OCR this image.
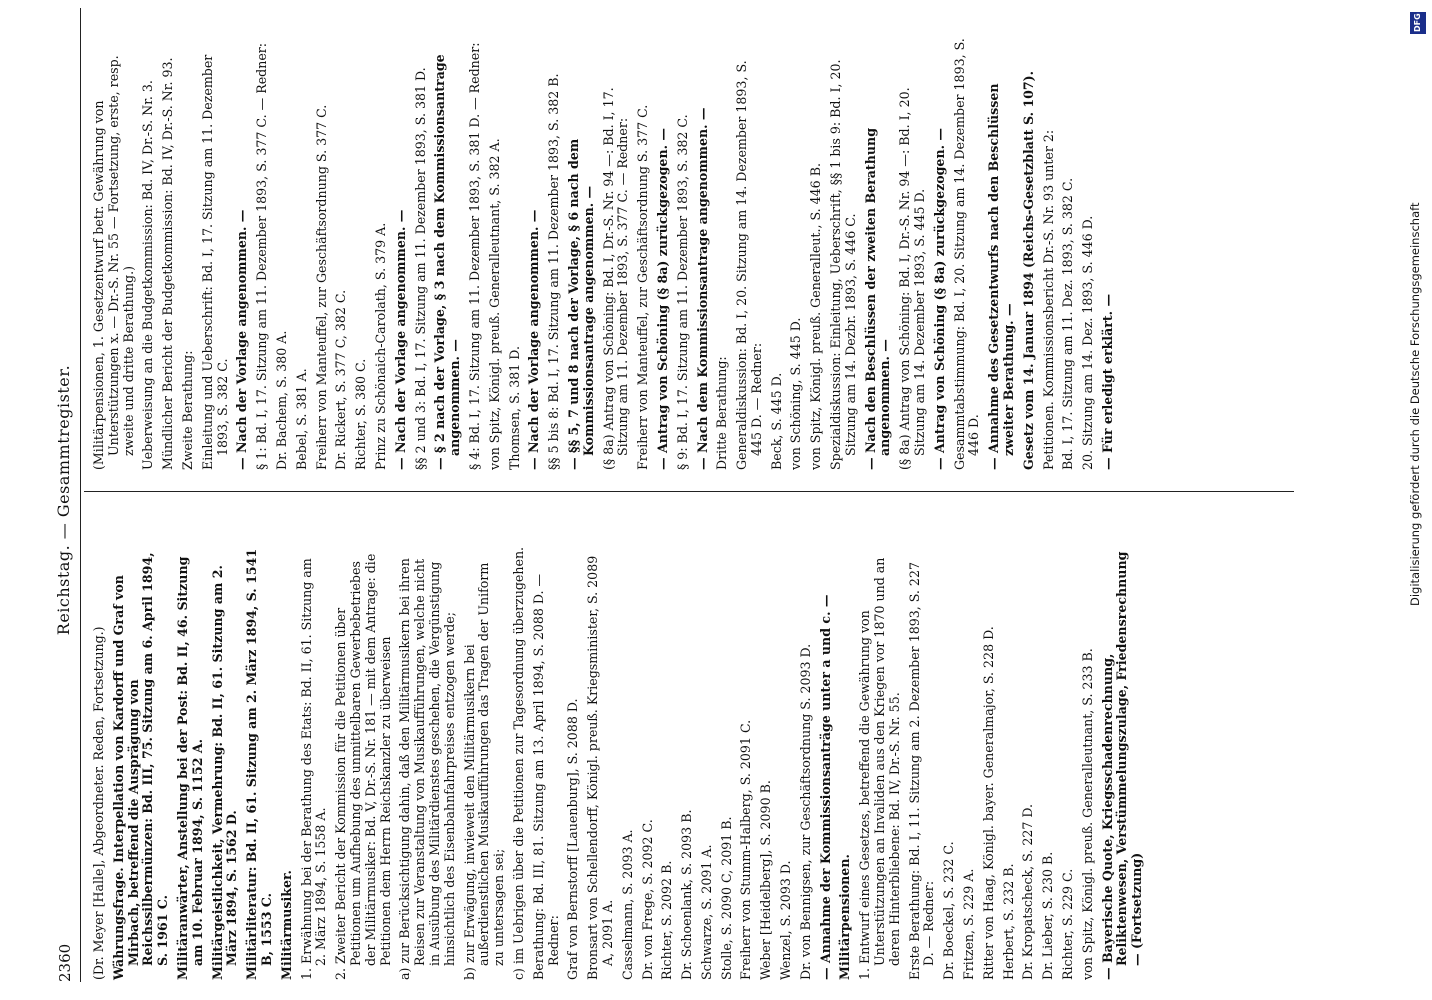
2360
Reichstag. — Gesammtregister.
(Dr. Meyer [Halle], Abgeordneter. Reden, Fortsetzung.) Währungsfrage. Interpellation von Kardorff und Graf von Mirbach, betreffend die Ausprägung von Reichssilbermünzen: Bd. III, 75. Sitzung am 6. April 1894, S. 1961 C. Militäranwärter, Anstellung bei der Post: Bd. II, 46. Sitzung am 10. Februar 1894, S. 1152 A. Militärgeistlichkeit, Vermehrung: Bd. II, 61. Sitzung am 2. März 1894, S. 1562 D. Militärliteratur: Bd. II, 61. Sitzung am 2. März 1894, S. 1541 B, 1553 C. Militärmusiker. 1. Erwähnung bei der Berathung des Etats: Bd. II, 61. Sitzung am 2. März 1894, S. 1558 A. 2. Zweiter Bericht der Kommission für die Petitionen über Petitionen um Aufhebung des unmittelbaren Gewerbebetriebes der Militärmusiker: Bd. V, Dr.-S. Nr. 181 — mit dem Antrage: die Petitionen dem Herrn Reichskanzler zu überweisen a) zur Berücksichtigung dahin, daß den Militärmusikern bei ihren Reisen zur Veranstaltung von Musikaufführungen, welche nicht in Ausübung des Militärdienstes geschehen, die Vergünstigung hinsichtlich des Eisenbahnfahrpreises entzogen werde; b) zur Erwägung, inwieweit den Militärmusikern bei außerdienstlichen Musikaufführungen das Tragen der Uniform zu untersagen sei; c) im Uebrigen über die Petitionen zur Tagesordnung überzugehen. Berathung: Bd. III, 81. Sitzung am 13. April 1894, S. 2088 D. — Redner: Graf von Bernstorff [Lauenburg], S. 2088 D. Bronsart von Schellendorff, Königl. preuß. Kriegsminister, S. 2089 A, 2091 A. Casselmann, S. 2093 A. Dr. von Frege, S. 2092 C. Richter, S. 2092 B. Dr. Schoenlank, S. 2093 B. Schwarze, S. 2091 A. Stolle, S. 2090 C, 2091 B. Freiherr von Stumm-Halberg, S. 2091 C. Weber [Heidelberg], S. 2090 B. Wenzel, S. 2093 D. Dr. von Bennigsen, zur Geschäftsordnung S. 2093 D. — Annahme der Kommissionsanträge unter a und c. — Militärpensionen. 1. Entwurf eines Gesetzes, betreffend die Gewährung von Unterstützungen an Invaliden aus den Kriegen vor 1870 und an deren Hinterbliebene: Bd. IV, Dr.-S. Nr. 55. Erste Berathung: Bd. I, 11. Sitzung am 2. Dezember 1893, S. 227 D. — Redner: Dr. Boeckel, S. 232 C. Fritzen, S. 229 A. Ritter von Haag, Königl. bayer. Generalmajor, S. 228 D. Herbert, S. 232 B. Dr. Kropatscheck, S. 227 D. Dr. Lieber, S. 230 B. Richter, S. 229 C. von Spitz, Königl. preuß. Generalleutnant, S. 233 B. — Bayerische Quote, Kriegsschadenrechnung, Reliktenwesen, Verstümmelungszulage, Friedensrechnung — (Fortsetzung)
(Militärpensionen, 1. Gesetzentwurf betr. Gewährung von Unterstützungen x. — Dr.-S. Nr. 55 — Fortsetzung, erste, resp. zweite und dritte Berathung.) Ueberweisung an die Budgetkommission: Bd. IV, Dr.-S. Nr. 3. Mündlicher Bericht der Budgetkommission: Bd. IV, Dr.-S. Nr. 93. Zweite Berathung: Einleitung und Ueberschrift: Bd. I, 17. Sitzung am 11. Dezember 1893, S. 382 C. — Nach der Vorlage angenommen. — § 1: Bd. I, 17. Sitzung am 11. Dezember 1893, S. 377 C. — Redner: Dr. Bachem, S. 380 A. Bebel, S. 381 A. Freiherr von Manteuffel, zur Geschäftsordnung S. 377 C. Dr. Rickert, S. 377 C, 382 C. Richter, S. 380 C. Prinz zu Schönaich-Carolath, S. 379 A. — Nach der Vorlage angenommen. — §§ 2 und 3: Bd. I, 17. Sitzung am 11. Dezember 1893, S. 381 D. — § 2 nach der Vorlage, § 3 nach dem Kommissionsantrage angenommen. — § 4: Bd. I, 17. Sitzung am 11. Dezember 1893, S. 381 D. — Redner: von Spitz, Königl. preuß. Generalleutnant, S. 382 A. Thomsen, S. 381 D. — Nach der Vorlage angenommen. — §§ 5 bis 8: Bd. I, 17. Sitzung am 11. Dezember 1893, S. 382 B. — §§ 5, 7 und 8 nach der Vorlage, § 6 nach dem Kommissionsantrage angenommen. — (§ 8a) Antrag von Schöning: Bd. I, Dr.-S. Nr. 94 —: Bd. I, 17. Sitzung am 11. Dezember 1893, S. 377 C. — Redner: Freiherr von Manteuffel, zur Geschäftsordnung S. 377 C. — Antrag von Schöning (§ 8a) zurückgezogen. — § 9: Bd. I, 17. Sitzung am 11. Dezember 1893, S. 382 C. — Nach dem Kommissionsantrage angenommen. — Dritte Berathung: Generaldiskussion: Bd. I, 20. Sitzung am 14. Dezember 1893, S. 445 D. — Redner: Beck, S. 445 D. von Schöning, S. 445 D. von Spitz, Königl. preuß. Generalleut., S. 446 B. Spezialdiskussion: Einleitung, Ueberschrift, §§ 1 bis 9: Bd. I, 20. Sitzung am 14. Dezbr. 1893, S. 446 C. — Nach den Beschlüssen der zweiten Berathung angenommen. — (§ 8a) Antrag von Schöning: Bd. I, Dr.-S. Nr. 94 —: Bd. I, 20. Sitzung am 14. Dezember 1893, S. 445 D. — Antrag von Schöning (§ 8a) zurückgezogen. — Gesammtabstimmung: Bd. I, 20. Sitzung am 14. Dezember 1893, S. 446 D. — Annahme des Gesetzentwurfs nach den Beschlüssen zweiter Berathung. — Gesetz vom 14. Januar 1894 (Reichs-Gesetzblatt S. 107). Petitionen. Kommissionsbericht Dr.-S. Nr. 93 unter 2: Bd. I, 17. Sitzung am 11. Dez. 1893, S. 382 C. 20. Sitzung am 14. Dez. 1893, S. 446 D. — Für erledigt erklärt. —	Digitalisierung gefördert durch die Deutsche Forschungsgemeinschaft
DFG
